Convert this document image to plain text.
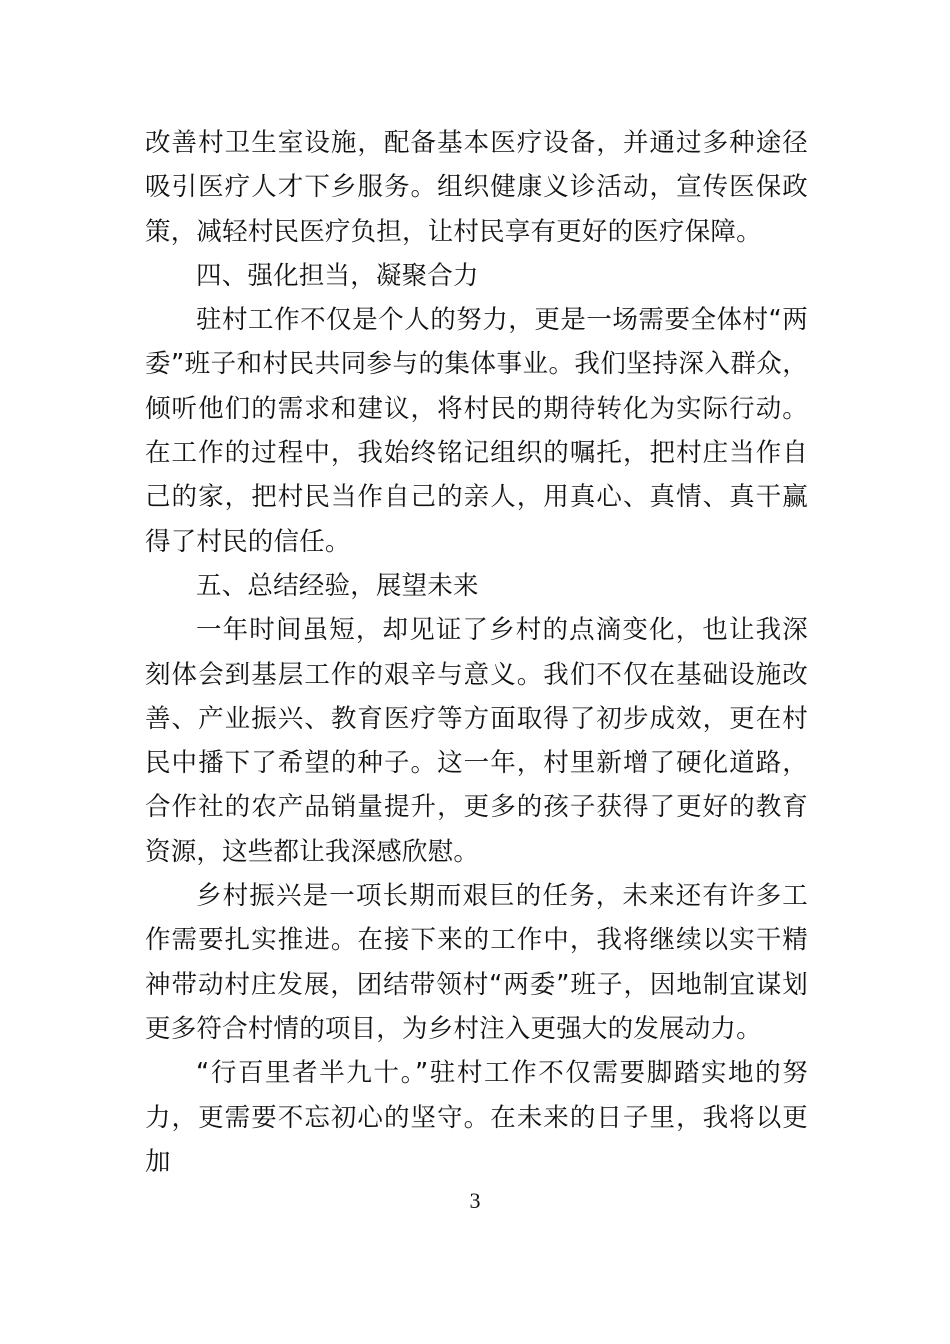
改善村卫生室设施，配备基本医疗设备，并通过多种途径吸引医疗人才下乡服务。组织健康义诊活动，宣传医保政策，减轻村民医疗负担，让村民享有更好的医疗保障。

四、强化担当，凝聚合力

驻村工作不仅是个人的努力，更是一场需要全体村“两委”班子和村民共同参与的集体事业。我们坚持深入群众，倾听他们的需求和建议，将村民的期待转化为实际行动。在工作的过程中，我始终铭记组织的嘱托，把村庄当作自己的家，把村民当作自己的亲人，用真心、真情、真干赢得了村民的信任。

五、总结经验，展望未来

一年时间虽短，却见证了乡村的点滴变化，也让我深刻体会到基层工作的艰辛与意义。我们不仅在基础设施改善、产业振兴、教育医疗等方面取得了初步成效，更在村民中播下了希望的种子。这一年，村里新增了硬化道路，合作社的农产品销量提升，更多的孩子获得了更好的教育资源，这些都让我深感欣慰。

乡村振兴是一项长期而艰巨的任务，未来还有许多工作需要扎实推进。在接下来的工作中，我将继续以实干精神带动村庄发展，团结带领村“两委”班子，因地制宜谋划更多符合村情的项目，为乡村注入更强大的发展动力。

“行百里者半九十。”驻村工作不仅需要脚踏实地的努力，更需要不忘初心的坚守。在未来的日子里，我将以更加

3
